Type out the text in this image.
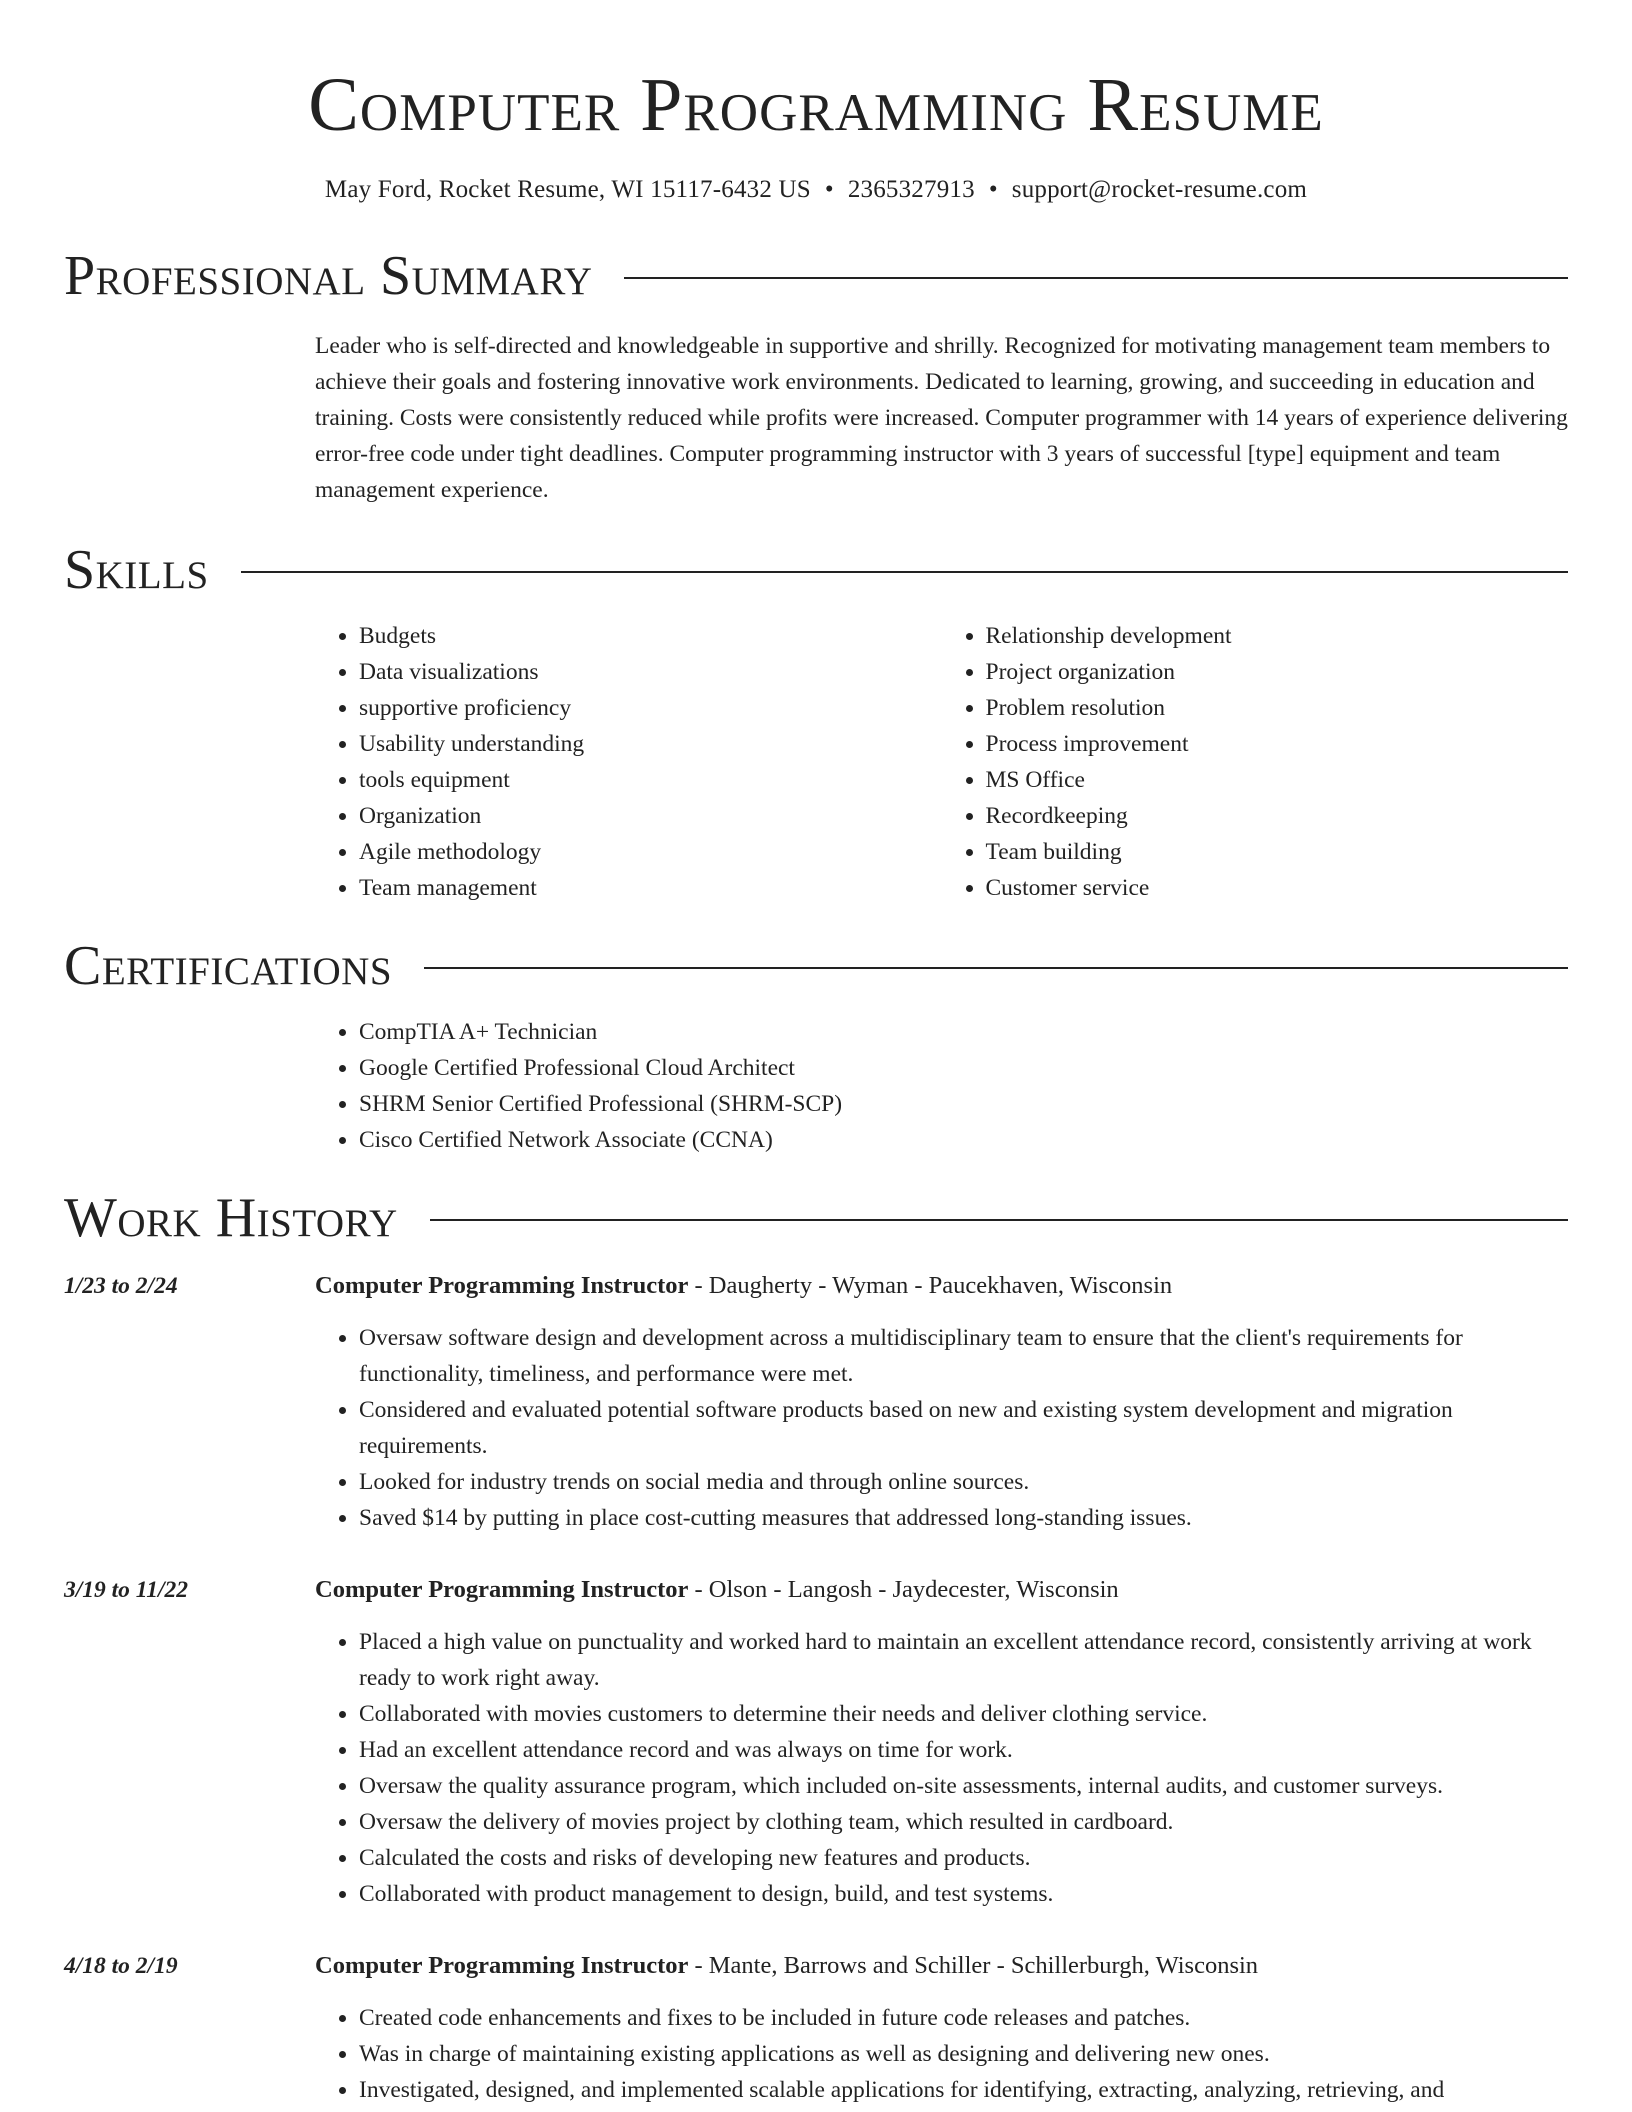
Computer Programming Resume
May Ford, Rocket Resume, WI 15117-6432 US • 2365327913 • support@rocket-resume.com
Professional Summary
Leader who is self-directed and knowledgeable in supportive and shrilly. Recognized for motivating management team members to achieve their goals and fostering innovative work environments. Dedicated to learning, growing, and succeeding in education and training. Costs were consistently reduced while profits were increased. Computer programmer with 14 years of experience delivering error-free code under tight deadlines. Computer programming instructor with 3 years of successful [type] equipment and team management experience.
Skills
• Budgets
• Data visualizations
• supportive proficiency
• Usability understanding
• tools equipment
• Organization
• Agile methodology
• Team management
• Relationship development
• Project organization
• Problem resolution
• Process improvement
• MS Office
• Recordkeeping
• Team building
• Customer service
Certifications
• CompTIA A+ Technician
• Google Certified Professional Cloud Architect
• SHRM Senior Certified Professional (SHRM-SCP)
• Cisco Certified Network Associate (CCNA)
Work History
1/23 to 2/24	Computer Programming Instructor - Daugherty - Wyman - Paucekhaven, Wisconsin
• Oversaw software design and development across a multidisciplinary team to ensure that the client's requirements for functionality, timeliness, and performance were met.
• Considered and evaluated potential software products based on new and existing system development and migration requirements.
• Looked for industry trends on social media and through online sources.
• Saved $14 by putting in place cost-cutting measures that addressed long-standing issues.
3/19 to 11/22	Computer Programming Instructor - Olson - Langosh - Jaydecester, Wisconsin
• Placed a high value on punctuality and worked hard to maintain an excellent attendance record, consistently arriving at work ready to work right away.
• Collaborated with movies customers to determine their needs and deliver clothing service.
• Had an excellent attendance record and was always on time for work.
• Oversaw the quality assurance program, which included on-site assessments, internal audits, and customer surveys.
• Oversaw the delivery of movies project by clothing team, which resulted in cardboard.
• Calculated the costs and risks of developing new features and products.
• Collaborated with product management to design, build, and test systems.
4/18 to 2/19	Computer Programming Instructor - Mante, Barrows and Schiller - Schillerburgh, Wisconsin
• Created code enhancements and fixes to be included in future code releases and patches.
• Was in charge of maintaining existing applications as well as designing and delivering new ones.
• Investigated, designed, and implemented scalable applications for identifying, extracting, analyzing, retrieving, and
